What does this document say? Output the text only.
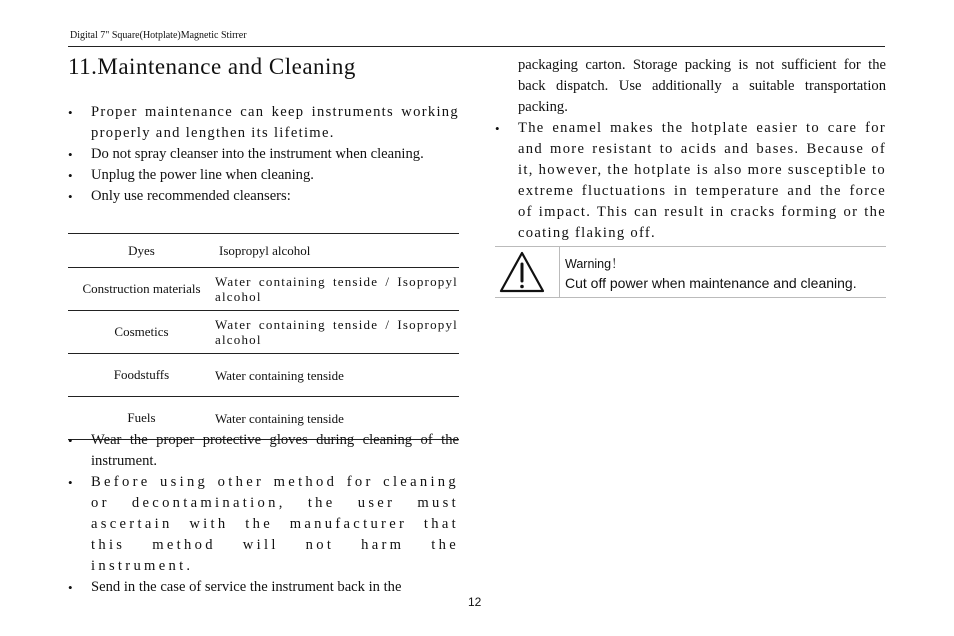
Digital 7" Square(Hotplate)Magnetic Stirrer
11.Maintenance and Cleaning
• Proper maintenance can keep instruments working properly and lengthen its lifetime.
• Do not spray cleanser into the instrument when cleaning.
• Unplug the power line when cleaning.
• Only use recommended cleansers:
Dyes	Isopropyl alcohol
Construction materials	Water containing tenside / Isopropyl alcohol
Cosmetics	Water containing tenside / Isopropyl alcohol
Foodstuffs	Water containing tenside
Fuels	Water containing tenside
• Wear the proper protective gloves during cleaning of the instrument.
• Before using other method for cleaning or decontamination, the user must ascertain with the manufacturer that this method will not harm the instrument.
• Send in the case of service the instrument back in the
packaging carton. Storage packing is not sufficient for the back dispatch. Use additionally a suitable transportation packing.
• The enamel makes the hotplate easier to care for and more resistant to acids and bases. Because of it, however, the hotplate is also more susceptible to extreme fluctuations in temperature and the force of impact. This can result in cracks forming or the coating flaking off.
Warning！
Cut off power when maintenance and cleaning.
12
